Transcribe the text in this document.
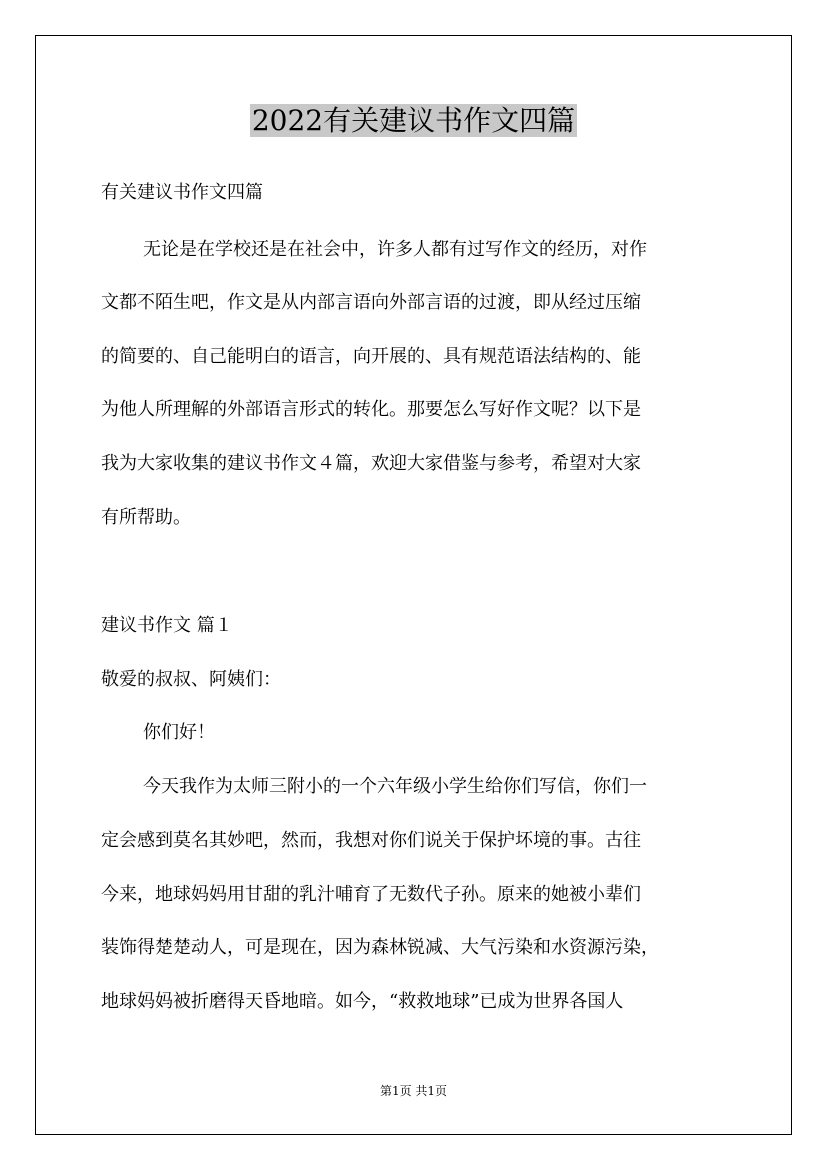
2022有关建议书作文四篇

有关建议书作文四篇

无论是在学校还是在社会中，许多人都有过写作文的经历，对作

文都不陌生吧，作文是从内部言语向外部言语的过渡，即从经过压缩

的简要的、自己能明白的语言，向开展的、具有规范语法结构的、能

为他人所理解的外部语言形式的转化。那要怎么写好作文呢？以下是

我为大家收集的建议书作文４篇，欢迎大家借鉴与参考，希望对大家

有所帮助。

建议书作文 篇１

敬爱的叔叔、阿姨们：

你们好！

今天我作为太师三附小的一个六年级小学生给你们写信，你们一

定会感到莫名其妙吧，然而，我想对你们说关于保护坏境的事。古往

今来，地球妈妈用甘甜的乳汁哺育了无数代子孙。原来的她被小辈们

装饰得楚楚动人，可是现在，因为森林锐减、大气污染和水资源污染，

地球妈妈被折磨得天昏地暗。如今，“救救地球”已成为世界各国人

第1页 共1页
